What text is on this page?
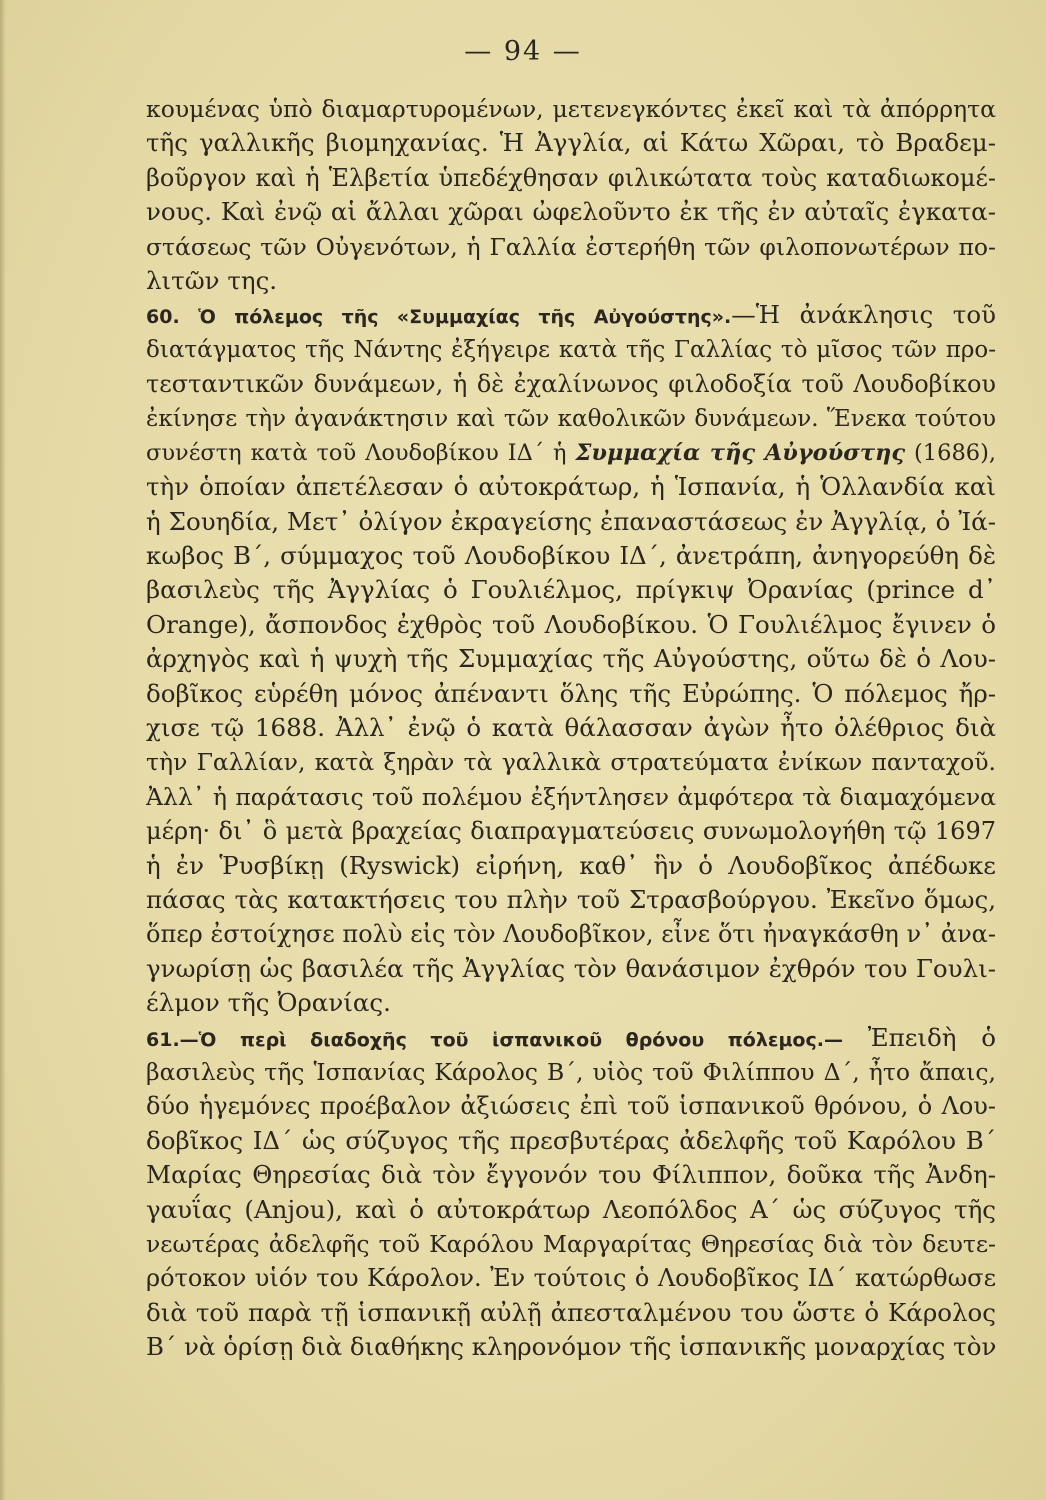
— 94 —
κουμένας ὑπὸ διαμαρτυρομένων, μετενεγκόντες ἐκεῖ καὶ τὰ ἀπόρρητα
τῆς γαλλικῆς βιομηχανίας. Ἡ Ἀγγλία, αἱ Κάτω Χῶραι, τὸ Βραδεμ-
βοῦργον καὶ ἡ Ἑλβετία ὑπεδέχθησαν φιλικώτατα τοὺς καταδιωκομέ-
νους. Καὶ ἐνῷ αἱ ἄλλαι χῶραι ὠφελοῦντο ἐκ τῆς ἐν αὐταῖς ἐγκατα-
στάσεως τῶν Οὐγενότων, ἡ Γαλλία ἐστερήθη τῶν φιλοπονωτέρων πο-
λιτῶν της.
60. Ὁ πόλεμος τῆς «Συμμαχίας τῆς Αὐγούστης».—Ἡ ἀνάκλησις τοῦ
διατάγματος τῆς Νάντης ἐξήγειρε κατὰ τῆς Γαλλίας τὸ μῖσος τῶν προ-
τεσταντικῶν δυνάμεων, ἡ δὲ ἐχαλίνωνος φιλοδοξία τοῦ Λουδοβίκου
ἐκίνησε τὴν ἀγανάκτησιν καὶ τῶν καθολικῶν δυνάμεων. Ἕνεκα τούτου
συνέστη κατὰ τοῦ Λουδοβίκου ΙΔ΄ ἡ Συμμαχία τῆς Αὐγούστης (1686),
τὴν ὁποίαν ἀπετέλεσαν ὁ αὐτοκράτωρ, ἡ Ἱσπανία, ἡ Ὁλλανδία καὶ
ἡ Σουηδία, Μετ᾿ ὀλίγον ἐκραγείσης ἐπαναστάσεως ἐν Ἀγγλίᾳ, ὁ Ἰά-
κωβος Β΄, σύμμαχος τοῦ Λουδοβίκου ΙΔ΄, ἀνετράπη, ἀνηγορεύθη δὲ
βασιλεὺς τῆς Ἀγγλίας ὁ Γουλιέλμος, πρίγκιψ Ὀρανίας (prince d᾿
Orange), ἄσπονδος ἐχθρὸς τοῦ Λουδοβίκου. Ὁ Γουλιέλμος ἔγινεν ὁ
ἀρχηγὸς καὶ ἡ ψυχὴ τῆς Συμμαχίας τῆς Αὐγούστης, οὕτω δὲ ὁ Λου-
δοβῖκος εὑρέθη μόνος ἀπέναντι ὅλης τῆς Εὐρώπης. Ὁ πόλεμος ἤρ-
χισε τῷ 1688. Ἀλλ᾿ ἐνῷ ὁ κατὰ θάλασσαν ἀγὼν ἦτο ὀλέθριος διὰ
τὴν Γαλλίαν, κατὰ ξηρὰν τὰ γαλλικὰ στρατεύματα ἐνίκων πανταχοῦ.
Ἀλλ᾿ ἡ παράτασις τοῦ πολέμου ἐξήντλησεν ἀμφότερα τὰ διαμαχόμενα
μέρη· δι᾿ ὃ μετὰ βραχείας διαπραγματεύσεις συνωμολογήθη τῷ 1697
ἡ ἐν Ῥυσβίκῃ (Ryswick) εἰρήνη, καθ᾿ ἣν ὁ Λουδοβῖκος ἀπέδωκε
πάσας τὰς κατακτήσεις του πλὴν τοῦ Στρασβούργου. Ἐκεῖνο ὅμως,
ὅπερ ἐστοίχησε πολὺ εἰς τὸν Λουδοβῖκον, εἶνε ὅτι ἠναγκάσθη ν᾿ ἀνα-
γνωρίσῃ ὡς βασιλέα τῆς Ἀγγλίας τὸν θανάσιμον ἐχθρόν του Γουλι-
έλμον τῆς Ὀρανίας.
61.—Ὁ περὶ διαδοχῆς τοῦ ἱσπανικοῦ θρόνου πόλεμος.— Ἐπειδὴ ὁ
βασιλεὺς τῆς Ἱσπανίας Κάρολος Β΄, υἱὸς τοῦ Φιλίππου Δ΄, ἦτο ἄπαις,
δύο ἡγεμόνες προέβαλον ἀξιώσεις ἐπὶ τοῦ ἱσπανικοῦ θρόνου, ὁ Λου-
δοβῖκος ΙΔ΄ ὡς σύζυγος τῆς πρεσβυτέρας ἀδελφῆς τοῦ Καρόλου Β΄
Μαρίας Θηρεσίας διὰ τὸν ἔγγονόν του Φίλιππον, δοῦκα τῆς Ἀνδη-
γαυΐας (Anjou), καὶ ὁ αὐτοκράτωρ Λεοπόλδος Α΄ ὡς σύζυγος τῆς
νεωτέρας ἀδελφῆς τοῦ Καρόλου Μαργαρίτας Θηρεσίας διὰ τὸν δευτε-
ρότοκον υἱόν του Κάρολον. Ἐν τούτοις ὁ Λουδοβῖκος ΙΔ΄ κατώρθωσε
διὰ τοῦ παρὰ τῇ ἱσπανικῇ αὐλῇ ἀπεσταλμένου του ὥστε ὁ Κάρολος
Β΄ νὰ ὁρίσῃ διὰ διαθήκης κληρονόμον τῆς ἱσπανικῆς μοναρχίας τὸν
